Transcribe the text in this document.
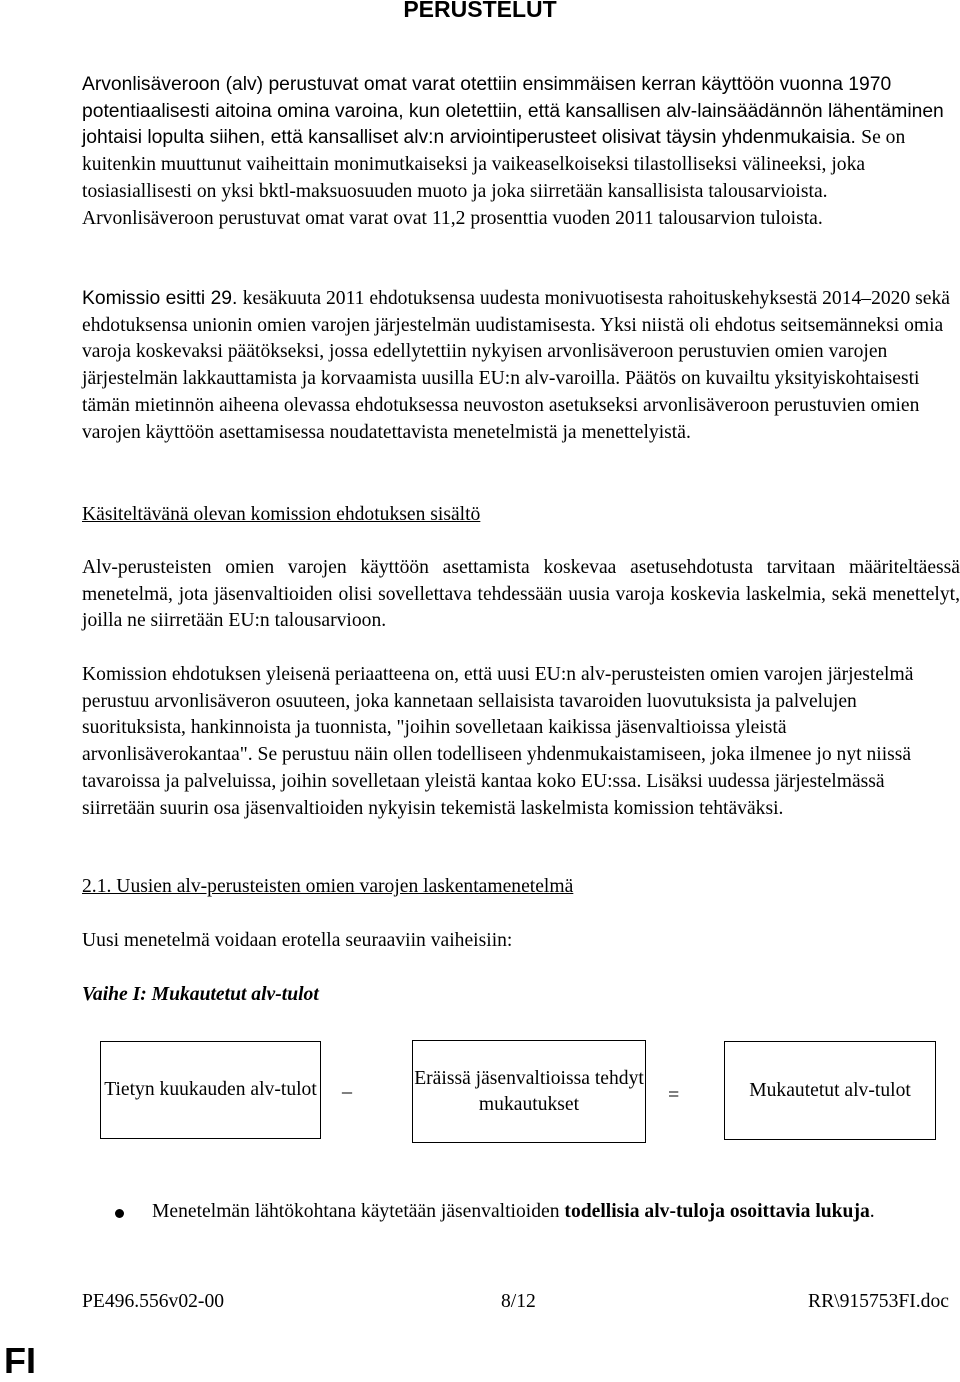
PERUSTELUT

Arvonlisäveroon (alv) perustuvat omat varat otettiin ensimmäisen kerran käyttöön vuonna 1970 potentiaalisesti aitoina omina varoina, kun oletettiin, että kansallisen alv-lainsäädännön lähentäminen johtaisi lopulta siihen, että kansalliset alv:n arviointiperusteet olisivat täysin yhdenmukaisia. Se on kuitenkin muuttunut vaiheittain monimutkaiseksi ja vaikeaselkoiseksi tilastolliseksi välineeksi, joka tosiasiallisesti on yksi bktl-maksuosuuden muoto ja joka siirretään kansallisista talousarvioista. Arvonlisäveroon perustuvat omat varat ovat 11,2 prosenttia vuoden 2011 talousarvion tuloista.

Komissio esitti 29. kesäkuuta 2011 ehdotuksensa uudesta monivuotisesta rahoituskehyksestä 2014–2020 sekä ehdotuksensa unionin omien varojen järjestelmän uudistamisesta. Yksi niistä oli ehdotus seitsemänneksi omia varoja koskevaksi päätökseksi, jossa edellytettiin nykyisen arvonlisäveroon perustuvien omien varojen järjestelmän lakkauttamista ja korvaamista uusilla EU:n alv-varoilla. Päätös on kuvailtu yksityiskohtaisesti tämän mietinnön aiheena olevassa ehdotuksessa neuvoston asetukseksi arvonlisäveroon perustuvien omien varojen käyttöön asettamisessa noudatettavista menetelmistä ja menettelyistä.

Käsiteltävänä olevan komission ehdotuksen sisältö

Alv-perusteisten omien varojen käyttöön asettamista koskevaa asetusehdotusta tarvitaan määriteltäessä menetelmä, jota jäsenvaltioiden olisi sovellettava tehdessään uusia varoja koskevia laskelmia, sekä menettelyt, joilla ne siirretään EU:n talousarvioon.

Komission ehdotuksen yleisenä periaatteena on, että uusi EU:n alv-perusteisten omien varojen järjestelmä perustuu arvonlisäveron osuuteen, joka kannetaan sellaisista tavaroiden luovutuksista ja palvelujen suorituksista, hankinnoista ja tuonnista, "joihin sovelletaan kaikissa jäsenvaltioissa yleistä arvonlisäverokantaa". Se perustuu näin ollen todelliseen yhdenmukaistamiseen, joka ilmenee jo nyt niissä tavaroissa ja palveluissa, joihin sovelletaan yleistä kantaa koko EU:ssa. Lisäksi uudessa järjestelmässä siirretään suurin osa jäsenvaltioiden nykyisin tekemistä laskelmista komission tehtäväksi.

2.1. Uusien alv-perusteisten omien varojen laskentamenetelmä

Uusi menetelmä voidaan erotella seuraaviin vaiheisiin:

Vaihe I: Mukautetut alv-tulot

Tietyn kuukauden alv-tulot _	Eräissä jäsenvaltioissa tehdyt mukautukset	=	Mukautetut alv-tulot

Menetelmän lähtökohtana käytetään jäsenvaltioiden todellisia alv-tuloja osoittavia lukuja.

PE496.556v02-00	8/12	RR\915753FI.doc
FI
